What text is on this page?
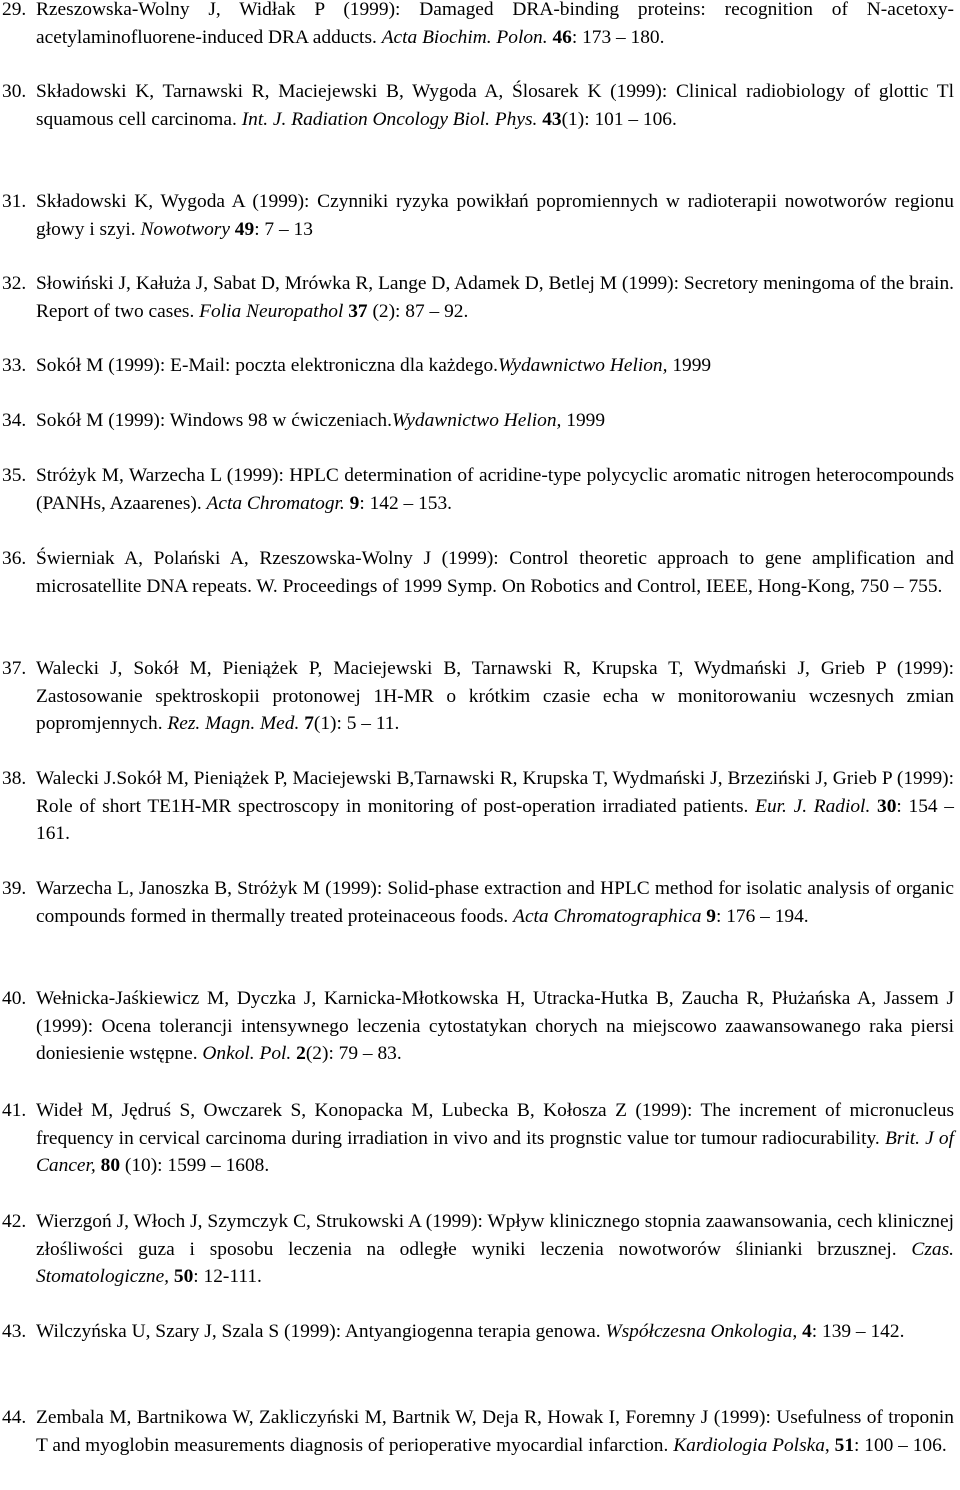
29. Rzeszowska-Wolny J, Widłak P (1999): Damaged DRA-binding proteins: recognition of N-acetoxy-acetylaminofluorene-induced DRA adducts. Acta Biochim. Polon. 46: 173 – 180.
30. Składowski K, Tarnawski R, Maciejewski B, Wygoda A, Ślosarek K (1999): Clinical radiobiology of glottic Tl squamous cell carcinoma. Int. J. Radiation Oncology Biol. Phys. 43(1): 101 – 106.
31. Składowski K, Wygoda A (1999): Czynniki ryzyka powikłań popromiennych w radioterapii nowotworów regionu głowy i szyi. Nowotwory 49: 7 – 13
32. Słowiński J, Kałuża J, Sabat D, Mrówka R, Lange D, Adamek D, Betlej M (1999): Secretory meningoma of the brain. Report of two cases. Folia Neuropathol 37 (2): 87 – 92.
33. Sokół M (1999): E-Mail: poczta elektroniczna dla każdego.Wydawnictwo Helion, 1999
34. Sokół M (1999): Windows 98 w ćwiczeniach.Wydawnictwo Helion, 1999
35. Stróżyk M, Warzecha L (1999): HPLC determination of acridine-type polycyclic aromatic nitrogen heterocompounds (PANHs, Azaarenes). Acta Chromatogr. 9: 142 – 153.
36. Świerniak A, Polański A, Rzeszowska-Wolny J (1999): Control theoretic approach to gene amplification and microsatellite DNA repeats. W. Proceedings of 1999 Symp. On Robotics and Control, IEEE, Hong-Kong, 750 – 755.
37. Walecki J, Sokół M, Pieniążek P, Maciejewski B, Tarnawski R, Krupska T, Wydmański J, Grieb P (1999): Zastosowanie spektroskopii protonowej 1H-MR o krótkim czasie echa w monitorowaniu wczesnych zmian popromjennych. Rez. Magn. Med. 7(1): 5 – 11.
38. Walecki J.Sokół M, Pieniążek P, Maciejewski B,Tarnawski R, Krupska T, Wydmański J, Brzeziński J, Grieb P (1999): Role of short TE1H-MR spectroscopy in monitoring of post-operation irradiated patients. Eur. J. Radiol. 30: 154 – 161.
39. Warzecha L, Janoszka B, Stróżyk M (1999): Solid-phase extraction and HPLC method for isolatic analysis of organic compounds formed in thermally treated proteinaceous foods. Acta Chromatographica 9: 176 – 194.
40. Wełnicka-Jaśkiewicz M, Dyczka J, Karnicka-Młotkowska H, Utracka-Hutka B, Zaucha R, Płużańska A, Jassem J (1999): Ocena tolerancji intensywnego leczenia cytostatykan chorych na miejscowo zaawansowanego raka piersi doniesienie wstępne. Onkol. Pol. 2(2): 79 – 83.
41. Wideł M, Jędruś S, Owczarek S, Konopacka M, Lubecka B, Kołosza Z (1999): The increment of micronucleus frequency in cervical carcinoma during irradiation in vivo and its prognstic value tor tumour radiocurability. Brit. J of Cancer, 80 (10): 1599 – 1608.
42. Wierzgoń J, Włoch J, Szymczyk C, Strukowski A (1999): Wpływ klinicznego stopnia zaawansowania, cech klinicznej złośliwości guza i sposobu leczenia na odległe wyniki leczenia nowotworów ślinianki brzusznej. Czas. Stomatologiczne, 50: 12-111.
43. Wilczyńska U, Szary J, Szala S (1999): Antyangiogenna terapia genowa. Współczesna Onkologia, 4: 139 – 142.
44. Zembala M, Bartnikowa W, Zakliczyński M, Bartnik W, Deja R, Howak I, Foremny J (1999): Usefulness of troponin T and myoglobin measurements diagnosis of perioperative myocardial infarction. Kardiologia Polska, 51: 100 – 106.
